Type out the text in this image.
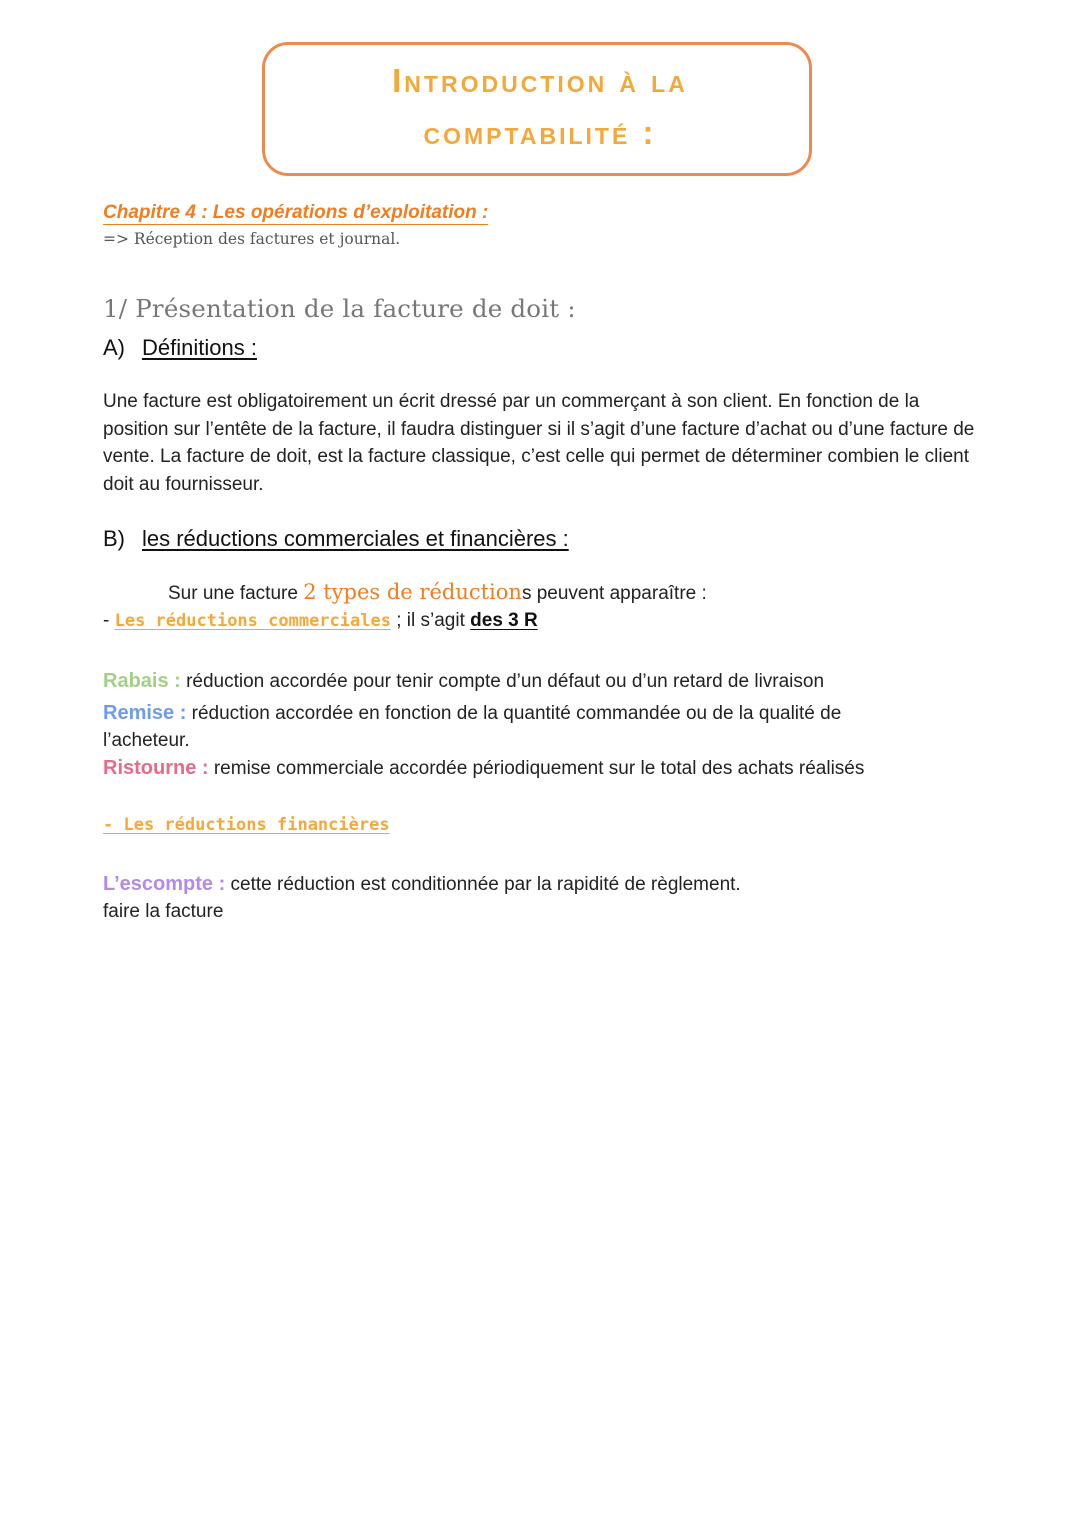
Introduction à la
comptabilité :
Chapitre 4 : Les opérations d’exploitation :
=> Réception des factures et journal.
1/ Présentation de la facture de doit :
A) Définitions :
Une facture est obligatoirement un écrit dressé par un commerçant à son client. En fonction de la position sur l’entête de la facture, il faudra distinguer si il s’agit d’une facture d’achat ou d’une facture de vente. La facture de doit, est la facture classique, c’est celle qui permet de déterminer combien le client doit au fournisseur.
B) les réductions commerciales et financières :
Sur une facture 2 types de réductions peuvent apparaître :
- Les réductions commerciales ; il s’agit des 3 R
Rabais : réduction accordée pour tenir compte d’un défaut ou d’un retard de livraison
Remise : réduction accordée en fonction de la quantité commandée ou de la qualité de
l’acheteur.
Ristourne : remise commerciale accordée périodiquement sur le total des achats réalisés
- Les réductions financières
L’escompte : cette réduction est conditionnée par la rapidité de règlement.
faire la facture
